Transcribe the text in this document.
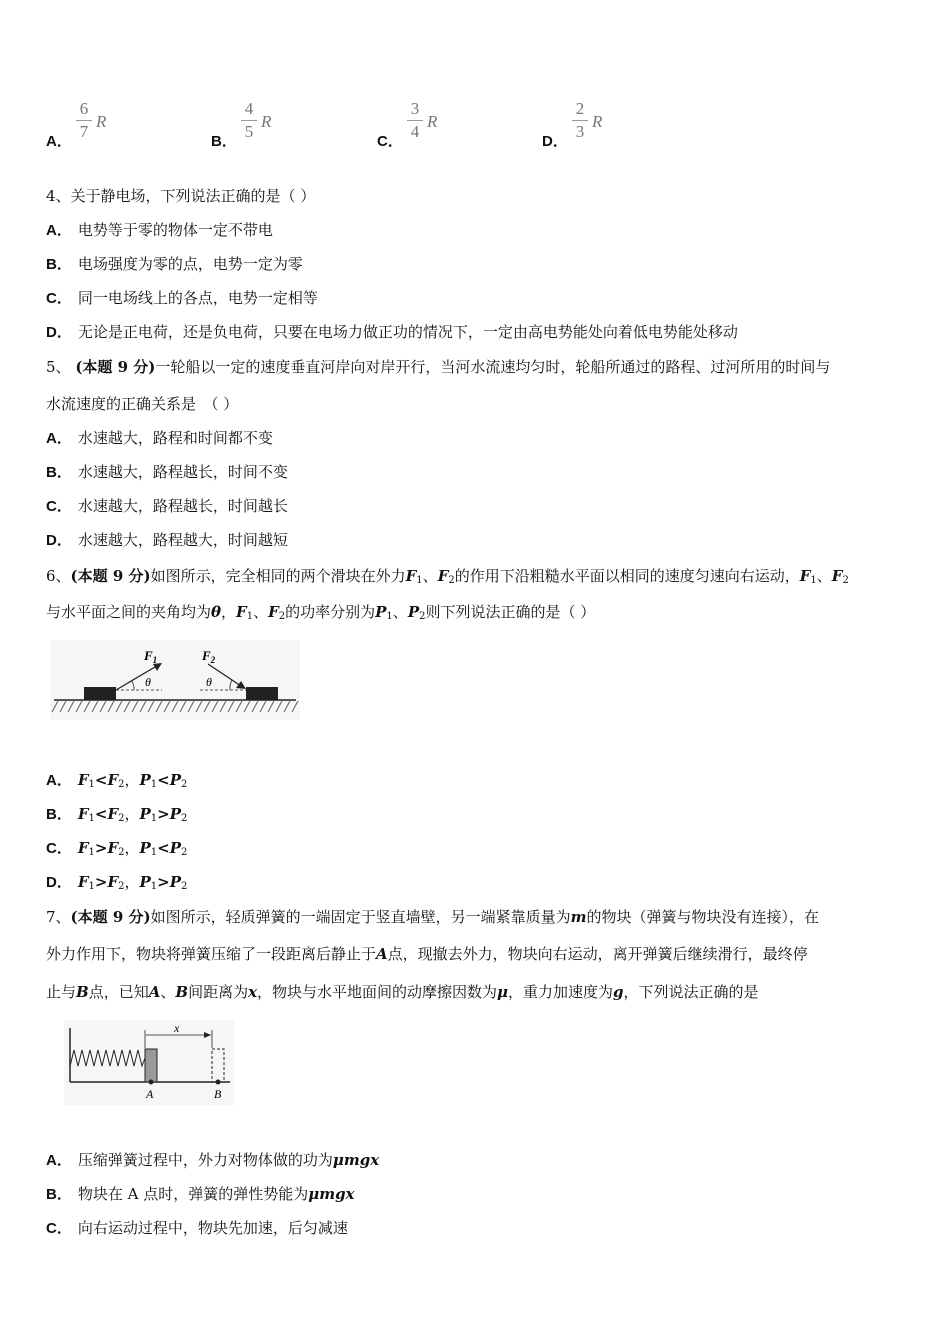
A．
6
7
R
B．
4
5
R
C．
3
4
R
D．
2
3
R
4、关于静电场，下列说法正确的是（ ）
A． 电势等于零的物体一定不带电
B． 电场强度为零的点，电势一定为零
C． 同一电场线上的各点，电势一定相等
D． 无论是正电荷，还是负电荷，只要在电场力做正功的情况下，一定由高电势能处向着低电势能处移动
5、 (本题 9 分)一轮船以一定的速度垂直河岸向对岸开行，当河水流速均匀时，轮船所通过的路程、过河所用的时间与
水流速度的正确关系是　（ ）
A． 水速越大，路程和时间都不变
B． 水速越大，路程越长，时间不变
C． 水速越大，路程越长，时间越长
D． 水速越大，路程越大，时间越短
6、(本题 9 分)如图所示，完全相同的两个滑块在外力$F_1$、$F_2$的作用下沿粗糙水平面以相同的速度匀速向右运动，$F_1$、$F_2$
与水平面之间的夹角均为θ，$F_1$、$F_2$的功率分别为$P_1$、$P_2$则下列说法正确的是（ ）
$F_1$
θ
$F_2$
θ
A． $F_1<F_2$，$P_1<P_2$
B． $F_1<F_2$，$P_1>P_2$
C． $F_1>F_2$，$P_1<P_2$
D． $F_1>F_2$，$P_1>P_2$
7、(本题 9 分)如图所示，轻质弹簧的一端固定于竖直墙壁，另一端紧靠质量为m的物块（弹簧与物块没有连接），在
外力作用下，物块将弹簧压缩了一段距离后静止于A点，现撤去外力，物块向右运动，离开弹簧后继续滑行，最终停
止与B点，已知A、B间距离为x，物块与水平地面间的动摩擦因数为μ，重力加速度为g，下列说法正确的是
x
A	B
A． 压缩弹簧过程中，外力对物体做的功为μmgx
B． 物块在 A 点时，弹簧的弹性势能为μmgx
C． 向右运动过程中，物块先加速，后匀减速
